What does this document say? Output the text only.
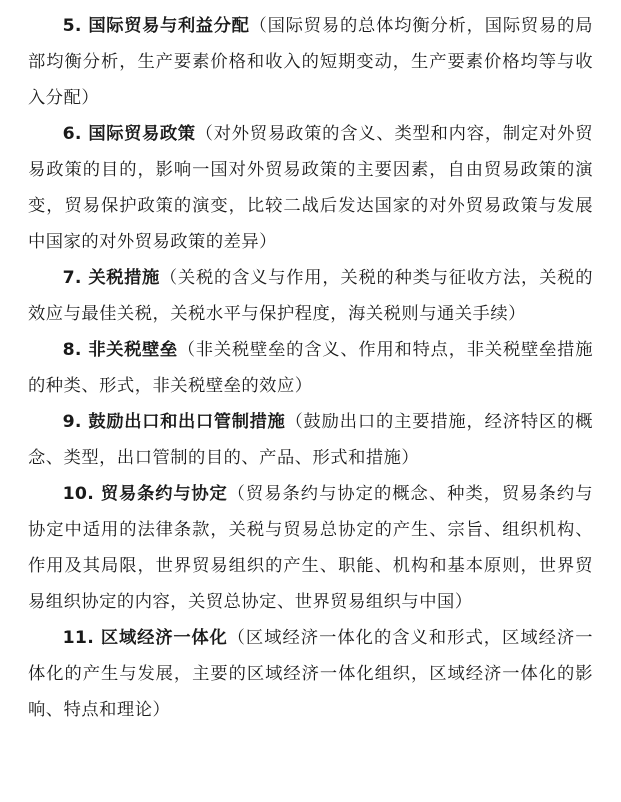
5. 国际贸易与利益分配（国际贸易的总体均衡分析，国际贸易的局部均衡分析，生产要素价格和收入的短期变动，生产要素价格均等与收入分配）

6. 国际贸易政策（对外贸易政策的含义、类型和内容，制定对外贸易政策的目的，影响一国对外贸易政策的主要因素，自由贸易政策的演变，贸易保护政策的演变，比较二战后发达国家的对外贸易政策与发展中国家的对外贸易政策的差异）

7. 关税措施（关税的含义与作用，关税的种类与征收方法，关税的效应与最佳关税，关税水平与保护程度，海关税则与通关手续）

8. 非关税壁垒（非关税壁垒的含义、作用和特点，非关税壁垒措施的种类、形式，非关税壁垒的效应）

9. 鼓励出口和出口管制措施（鼓励出口的主要措施，经济特区的概念、类型，出口管制的目的、产品、形式和措施）

10. 贸易条约与协定（贸易条约与协定的概念、种类，贸易条约与协定中适用的法律条款，关税与贸易总协定的产生、宗旨、组织机构、作用及其局限，世界贸易组织的产生、职能、机构和基本原则，世界贸易组织协定的内容，关贸总协定、世界贸易组织与中国）

11. 区域经济一体化（区域经济一体化的含义和形式，区域经济一体化的产生与发展，主要的区域经济一体化组织，区域经济一体化的影响、特点和理论）
